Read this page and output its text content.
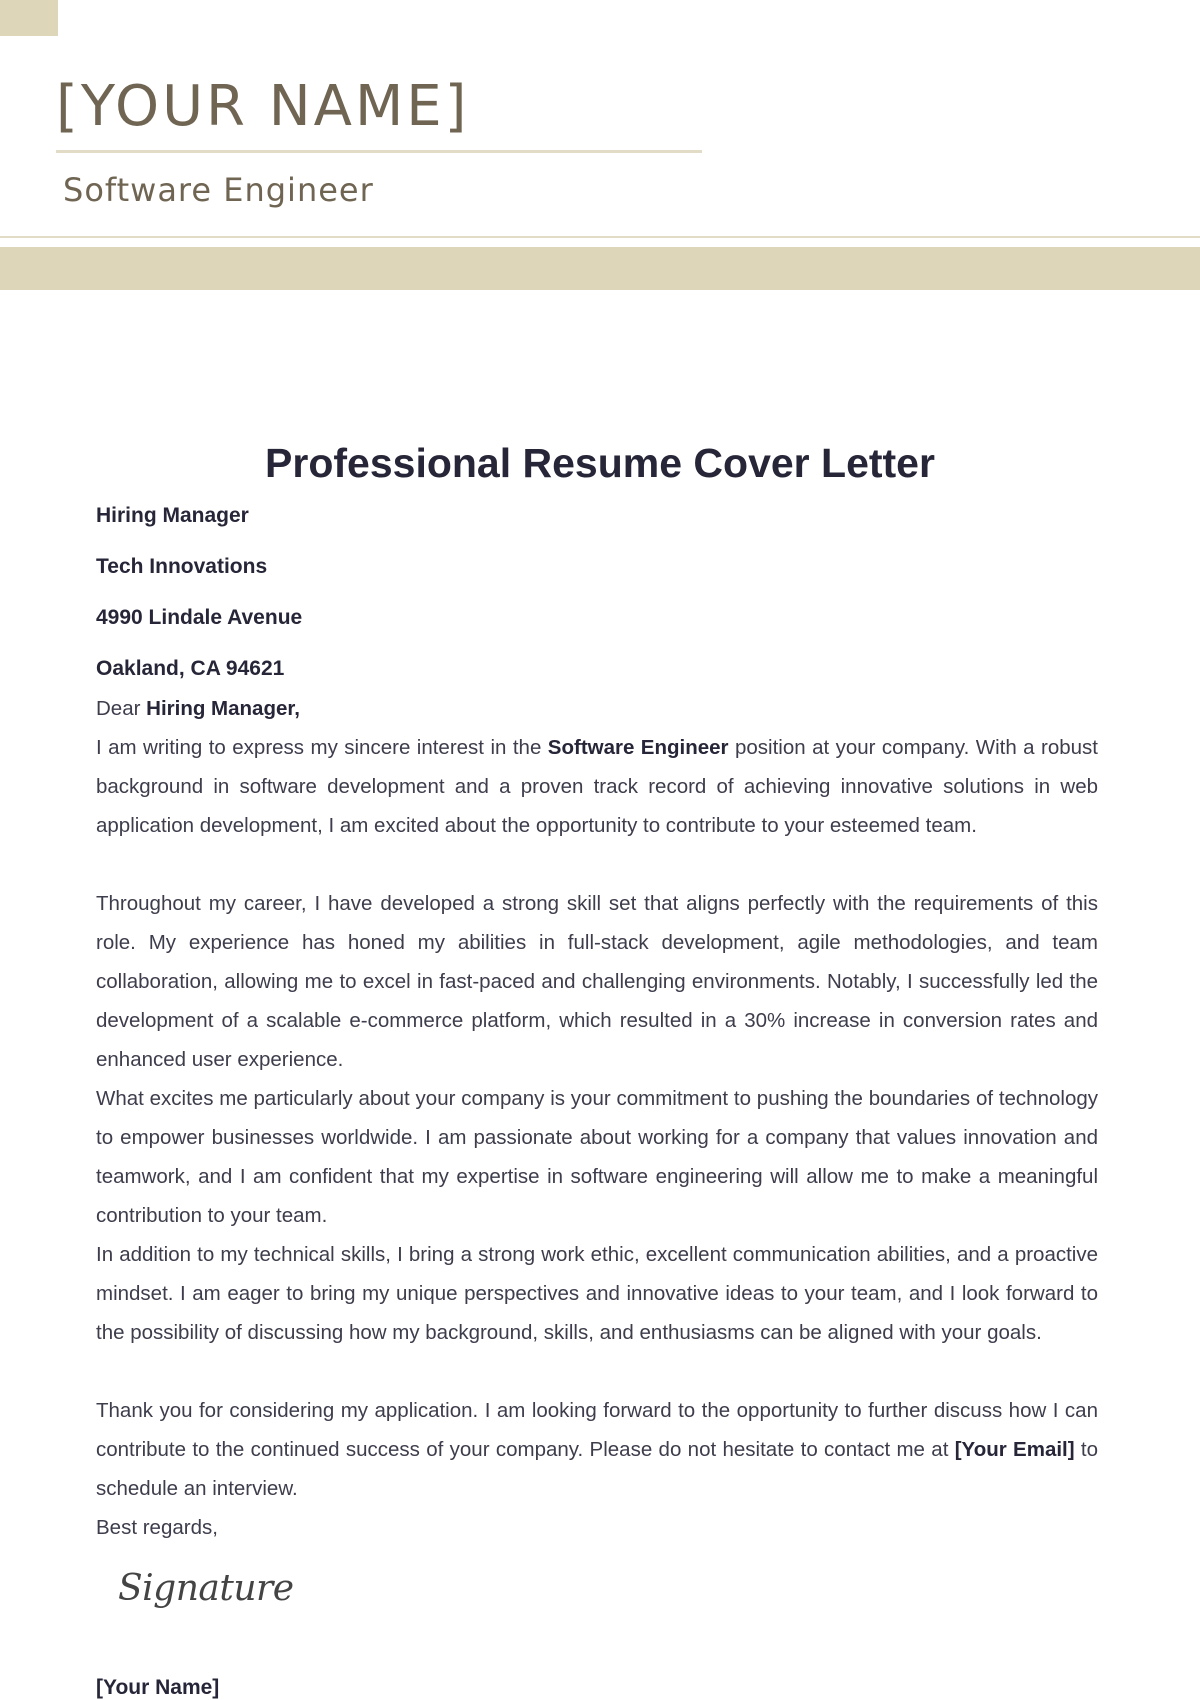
[YOUR NAME]
Software Engineer
Professional Resume Cover Letter
Hiring Manager
Tech Innovations
4990 Lindale Avenue
Oakland, CA 94621

Dear Hiring Manager,

I am writing to express my sincere interest in the Software Engineer position at your company. With a robust background in software development and a proven track record of achieving innovative solutions in web application development, I am excited about the opportunity to contribute to your esteemed team.

Throughout my career, I have developed a strong skill set that aligns perfectly with the requirements of this role. My experience has honed my abilities in full-stack development, agile methodologies, and team collaboration, allowing me to excel in fast-paced and challenging environments. Notably, I successfully led the development of a scalable e-commerce platform, which resulted in a 30% increase in conversion rates and enhanced user experience.

What excites me particularly about your company is your commitment to pushing the boundaries of technology to empower businesses worldwide. I am passionate about working for a company that values innovation and teamwork, and I am confident that my expertise in software engineering will allow me to make a meaningful contribution to your team.

In addition to my technical skills, I bring a strong work ethic, excellent communication abilities, and a proactive mindset. I am eager to bring my unique perspectives and innovative ideas to your team, and I look forward to the possibility of discussing how my background, skills, and enthusiasms can be aligned with your goals.

Thank you for considering my application. I am looking forward to the opportunity to further discuss how I can contribute to the continued success of your company. Please do not hesitate to contact me at [Your Email] to schedule an interview.

Best regards,

Signature
[Your Name]
